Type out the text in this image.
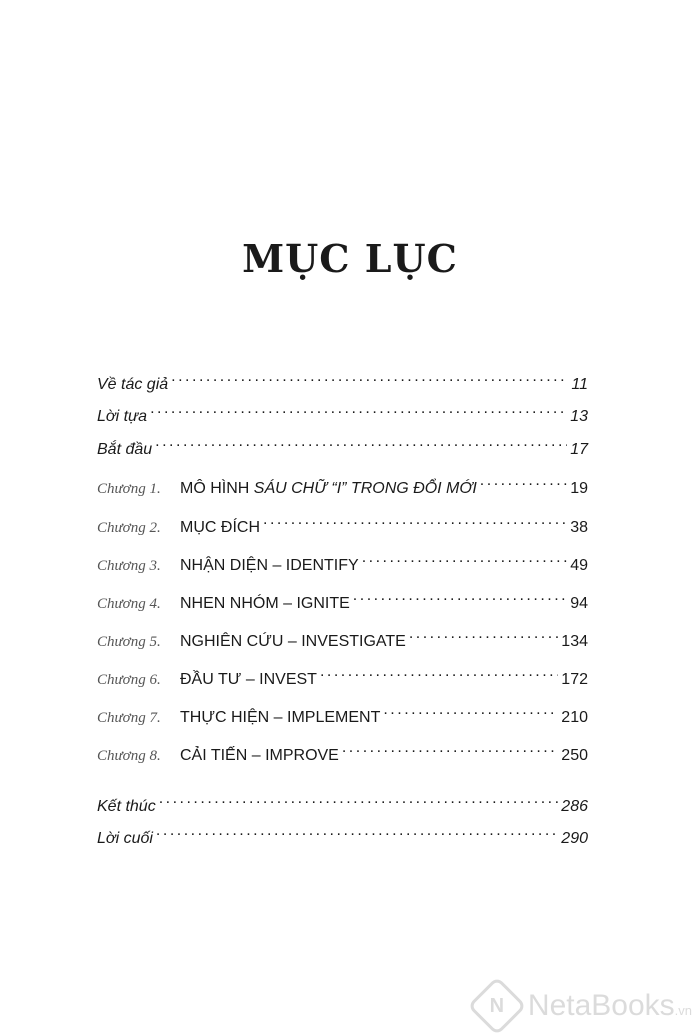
MỤC LỤC
Về tác giả .....	11
Lời tựa .....	13
Bắt đầu .....	17
Chương 1.	MÔ HÌNH SÁU CHỮ “I” TRONG ĐỔI MỚI .....	19
Chương 2.	MỤC ĐÍCH .....	38
Chương 3.	NHẬN DIỆN – IDENTIFY .....	49
Chương 4.	NHEN NHÓM – IGNITE .....	94
Chương 5.	NGHIÊN CỨU – INVESTIGATE .....	134
Chương 6.	ĐẦU TƯ – INVEST .....	172
Chương 7.	THỰC HIỆN – IMPLEMENT .....	210
Chương 8.	CẢI TIẾN – IMPROVE .....	250
Kết thúc .....	286
Lời cuối .....	290
N NetaBooks.vn
